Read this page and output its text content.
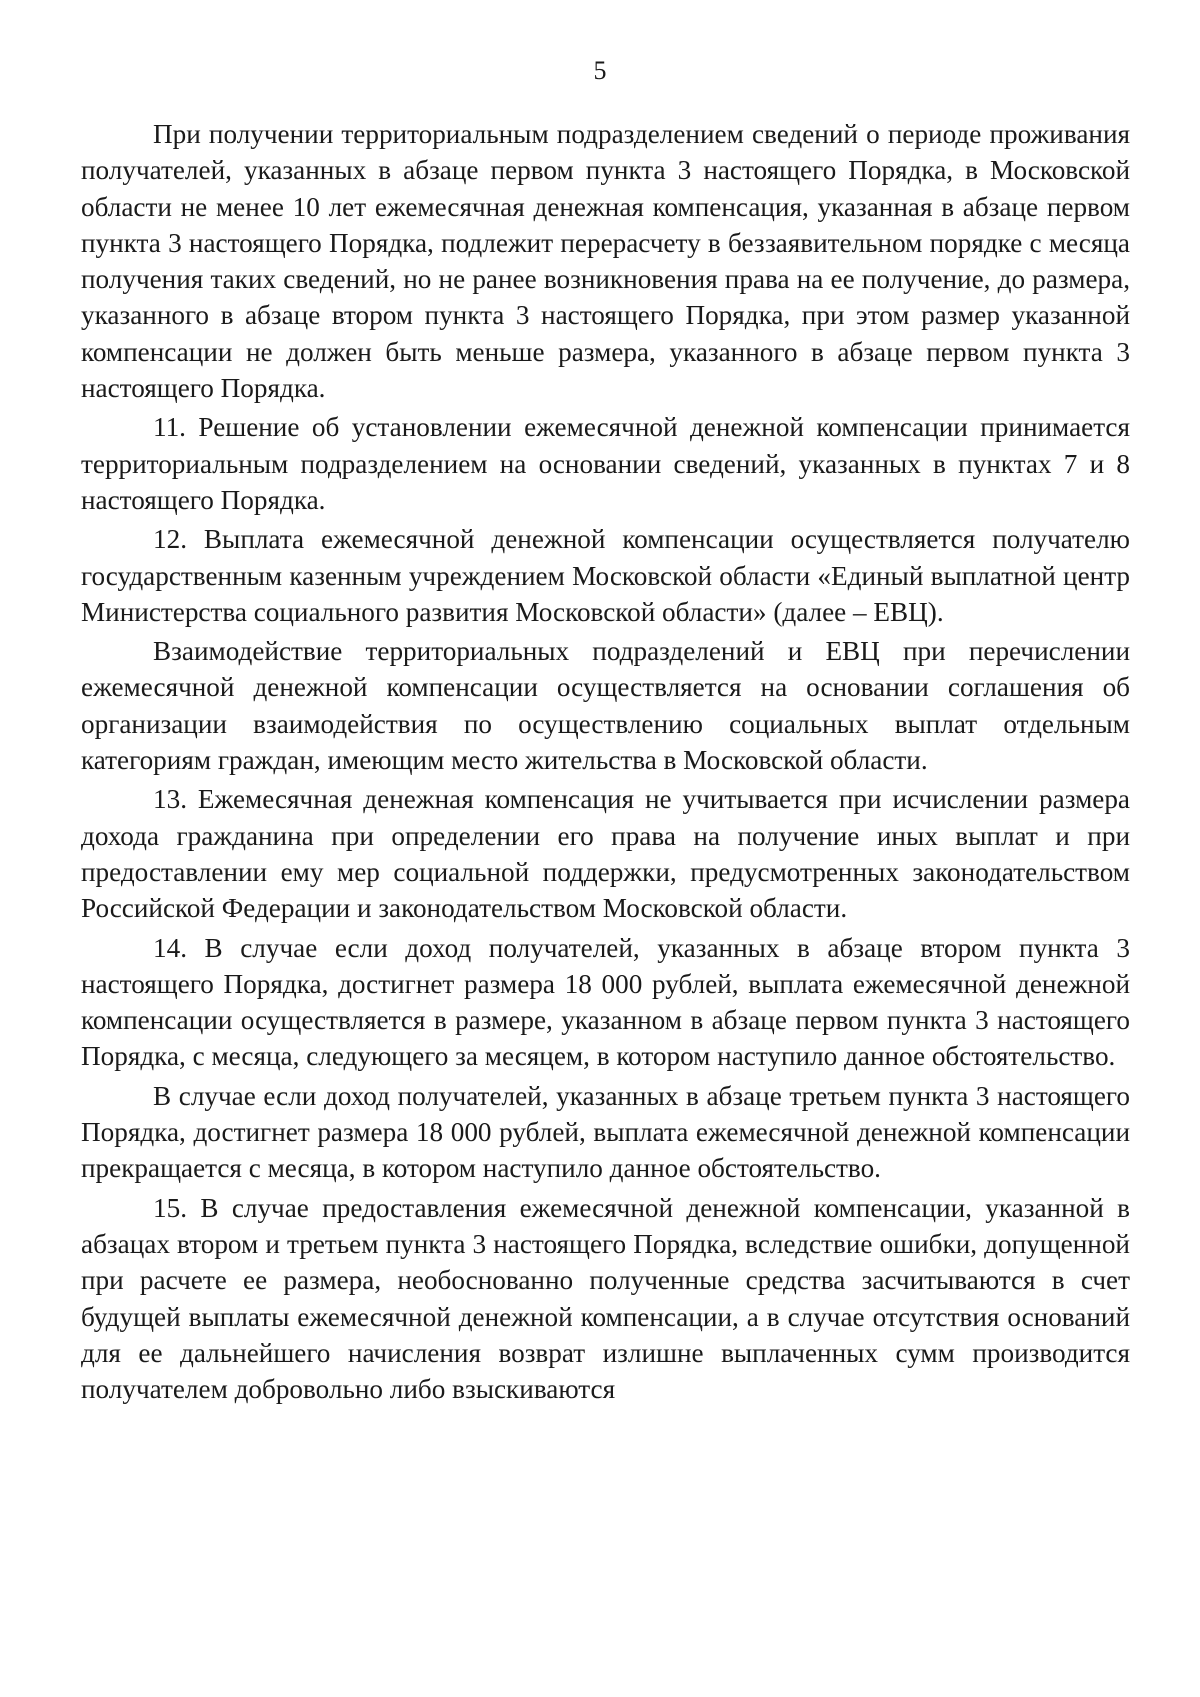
5

При получении территориальным подразделением сведений о периоде проживания получателей, указанных в абзаце первом пункта 3 настоящего Порядка, в Московской области не менее 10 лет ежемесячная денежная компенсация, указанная в абзаце первом пункта 3 настоящего Порядка, подлежит перерасчету в беззаявительном порядке с месяца получения таких сведений, но не ранее возникновения права на ее получение, до размера, указанного в абзаце втором пункта 3 настоящего Порядка, при этом размер указанной компенсации не должен быть меньше размера, указанного в абзаце первом пункта 3 настоящего Порядка.

11. Решение об установлении ежемесячной денежной компенсации принимается территориальным подразделением на основании сведений, указанных в пунктах 7 и 8 настоящего Порядка.

12. Выплата ежемесячной денежной компенсации осуществляется получателю государственным казенным учреждением Московской области «Единый выплатной центр Министерства социального развития Московской области» (далее – ЕВЦ).

Взаимодействие территориальных подразделений и ЕВЦ при перечислении ежемесячной денежной компенсации осуществляется на основании соглашения об организации взаимодействия по осуществлению социальных выплат отдельным категориям граждан, имеющим место жительства в Московской области.

13. Ежемесячная денежная компенсация не учитывается при исчислении размера дохода гражданина при определении его права на получение иных выплат и при предоставлении ему мер социальной поддержки, предусмотренных законодательством Российской Федерации и законодательством Московской области.

14. В случае если доход получателей, указанных в абзаце втором пункта 3 настоящего Порядка, достигнет размера 18 000 рублей, выплата ежемесячной денежной компенсации осуществляется в размере, указанном в абзаце первом пункта 3 настоящего Порядка, с месяца, следующего за месяцем, в котором наступило данное обстоятельство.

В случае если доход получателей, указанных в абзаце третьем пункта 3 настоящего Порядка, достигнет размера 18 000 рублей, выплата ежемесячной денежной компенсации прекращается с месяца, в котором наступило данное обстоятельство.

15. В случае предоставления ежемесячной денежной компенсации, указанной в абзацах втором и третьем пункта 3 настоящего Порядка, вследствие ошибки, допущенной при расчете ее размера, необоснованно полученные средства засчитываются в счет будущей выплаты ежемесячной денежной компенсации, а в случае отсутствия оснований для ее дальнейшего начисления возврат излишне выплаченных сумм производится получателем добровольно либо взыскиваются
